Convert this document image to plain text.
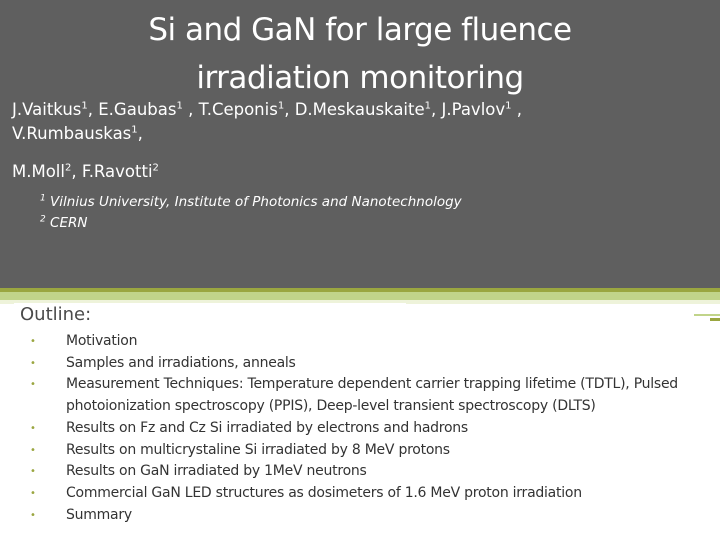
Si and GaN for large fluence
irradiation monitoring
J.Vaitkus$^1$, E.Gaubas$^1$ , T.Ceponis$^1$, D.Meskauskaite$^1$, J.Pavlov$^1$ ,
V.Rumbauskas$^1$,
M.Moll$^2$, F.Ravotti$^2$
$^1$ Vilnius University, Institute of Photonics and Nanotechnology
$^2$ CERN
Outline:
• Motivation
• Samples and irradiations, anneals
• Measurement Techniques: Temperature dependent carrier trapping lifetime (TDTL), Pulsed photoionization spectroscopy (PPIS), Deep-level transient spectroscopy (DLTS)
• Results on Fz and Cz Si irradiated by electrons and hadrons
• Results on multicrystaline Si irradiated by 8 MeV protons
• Results on GaN irradiated by 1MeV neutrons
• Commercial GaN LED structures as dosimeters of 1.6 MeV proton irradiation
• Summary
